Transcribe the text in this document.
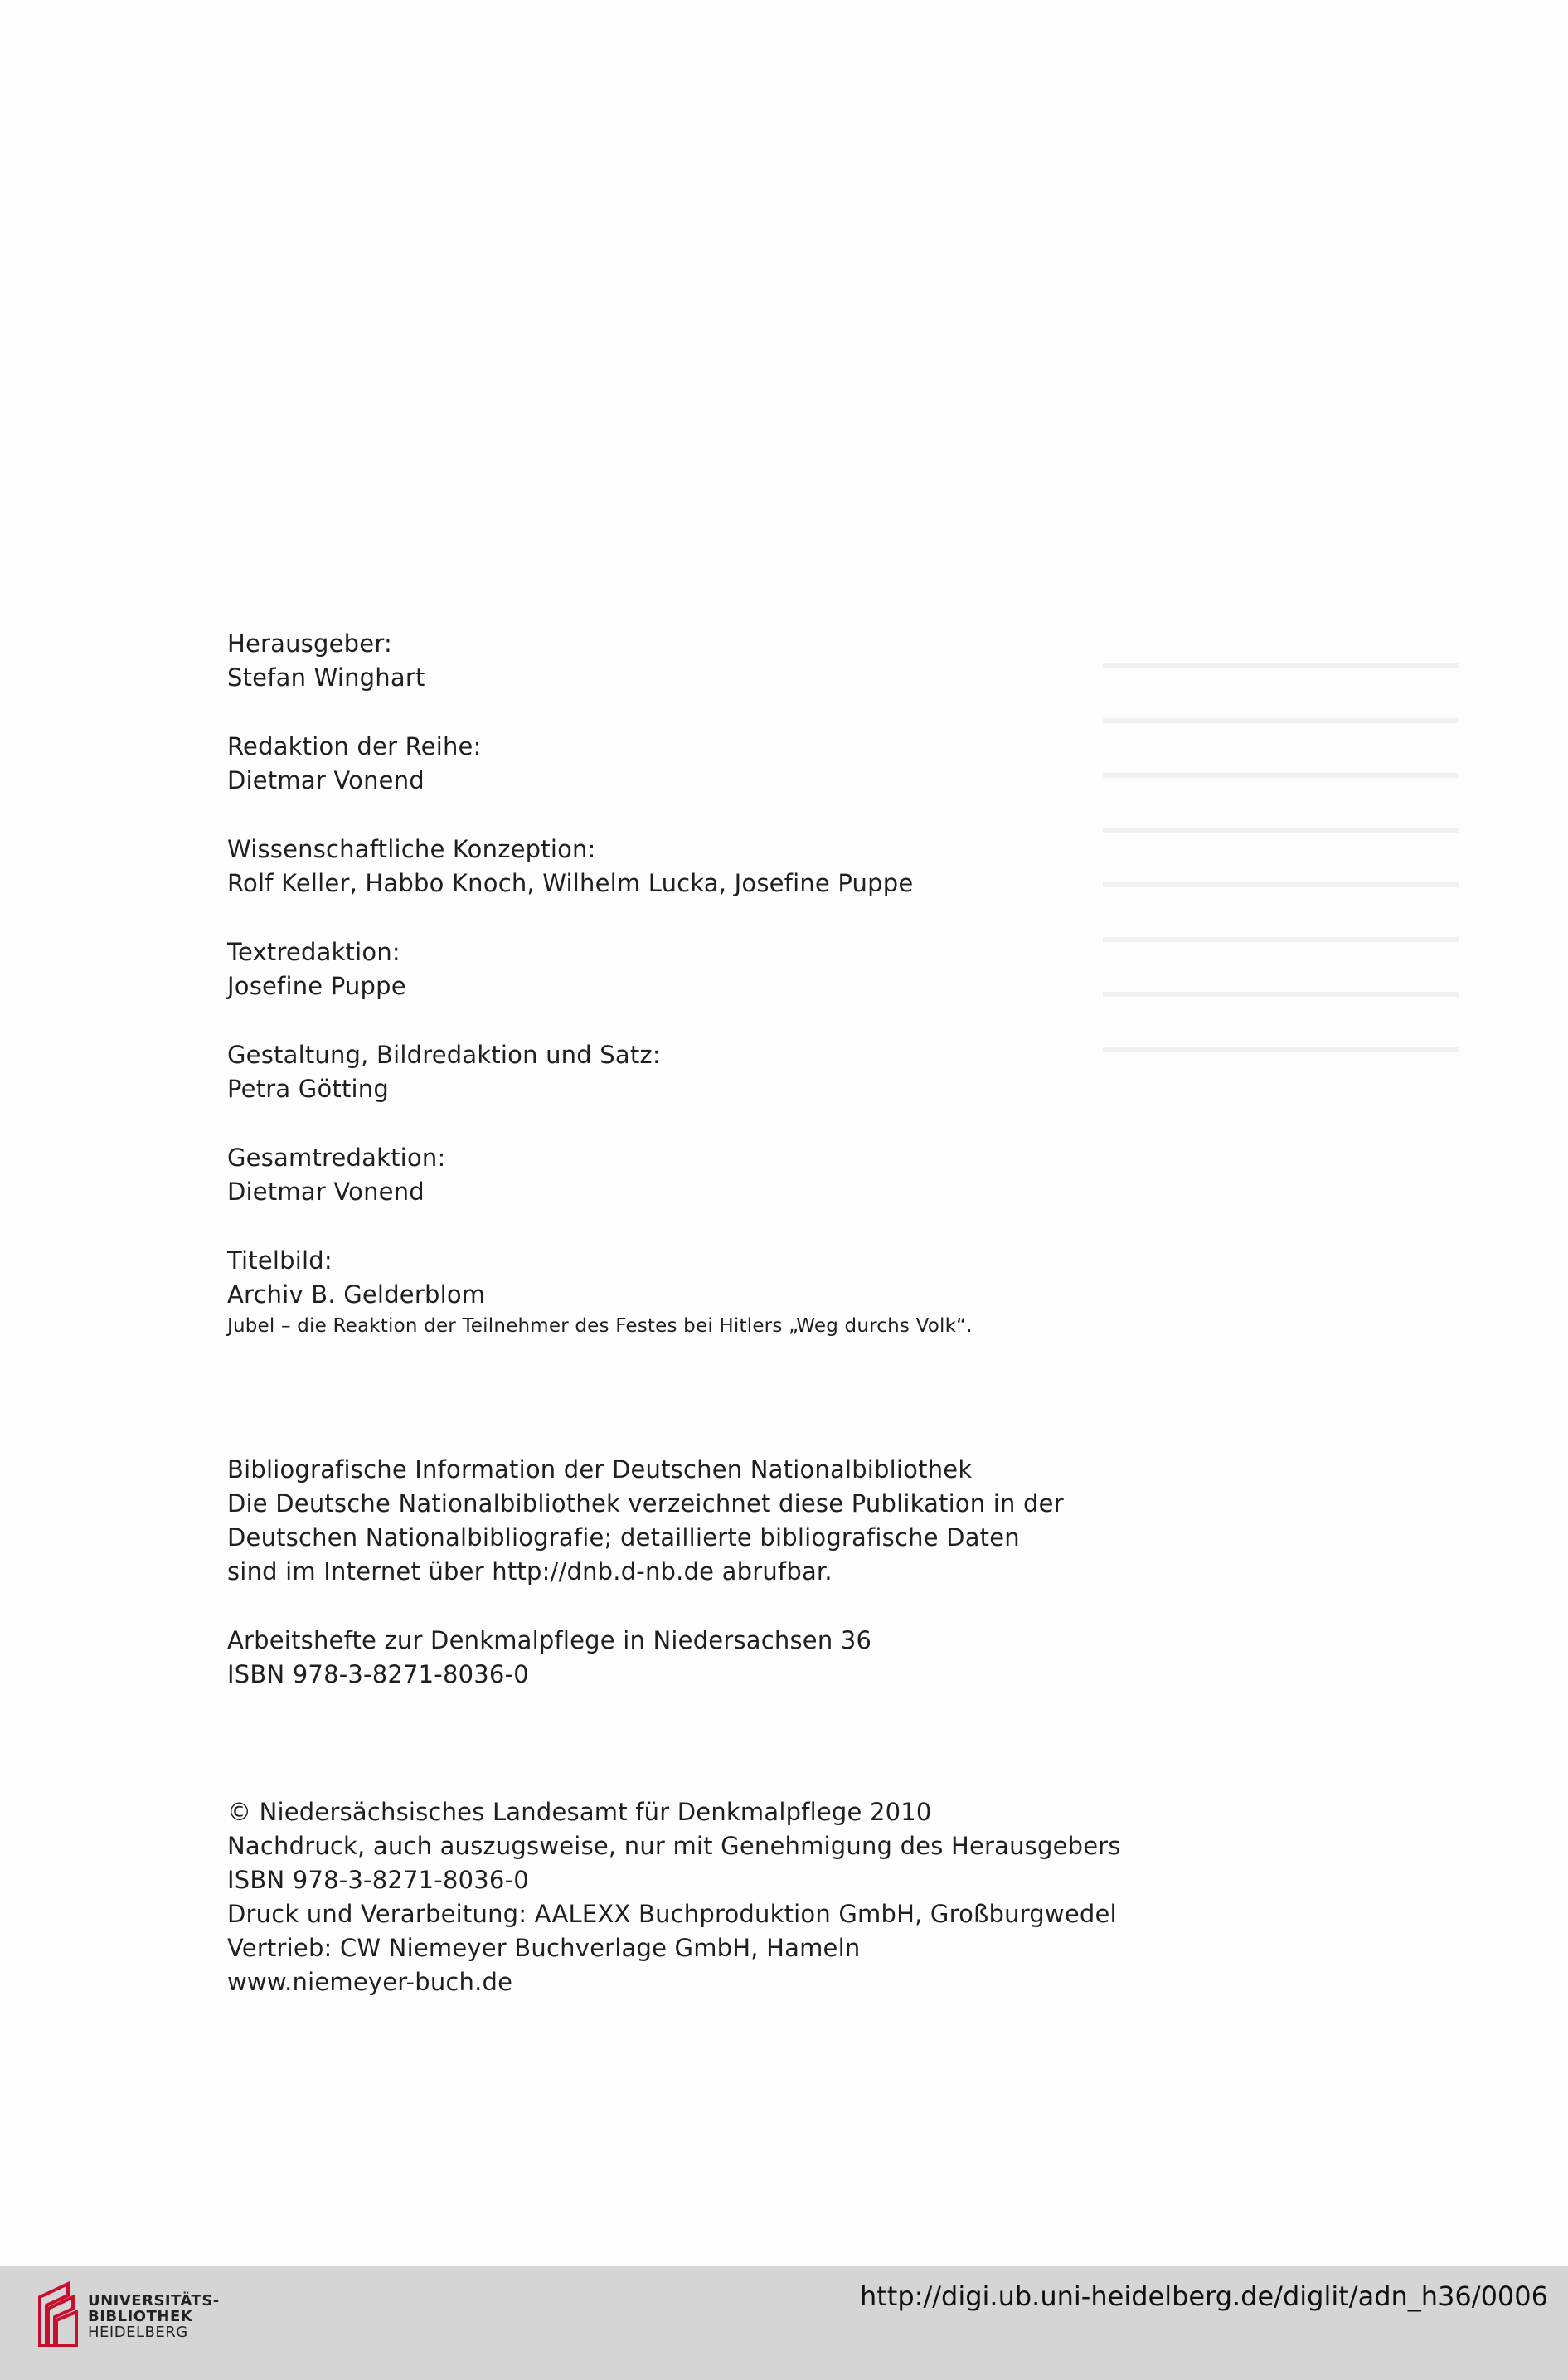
Herausgeber:
Stefan Winghart
Redaktion der Reihe:
Dietmar Vonend
Wissenschaftliche Konzeption:
Rolf Keller, Habbo Knoch, Wilhelm Lucka, Josefine Puppe
Textredaktion:
Josefine Puppe
Gestaltung, Bildredaktion und Satz:
Petra Götting
Gesamtredaktion:
Dietmar Vonend
Titelbild:
Archiv B. Gelderblom
Jubel – die Reaktion der Teilnehmer des Festes bei Hitlers „Weg durchs Volk“.
Bibliografische Information der Deutschen Nationalbibliothek
Die Deutsche Nationalbibliothek verzeichnet diese Publikation in der
Deutschen Nationalbibliografie; detaillierte bibliografische Daten
sind im Internet über http://dnb.d-nb.de abrufbar.
Arbeitshefte zur Denkmalpflege in Niedersachsen 36
ISBN 978-3-8271-8036-0
© Niedersächsisches Landesamt für Denkmalpflege 2010
Nachdruck, auch auszugsweise, nur mit Genehmigung des Herausgebers
ISBN 978-3-8271-8036-0
Druck und Verarbeitung: AALEXX Buchproduktion GmbH, Großburgwedel
Vertrieb: CW Niemeyer Buchverlage GmbH, Hameln
www.niemeyer-buch.de
UNIVERSITÄTS-
BIBLIOTHEK
HEIDELBERG
http://digi.ub.uni-heidelberg.de/diglit/adn_h36/0006
